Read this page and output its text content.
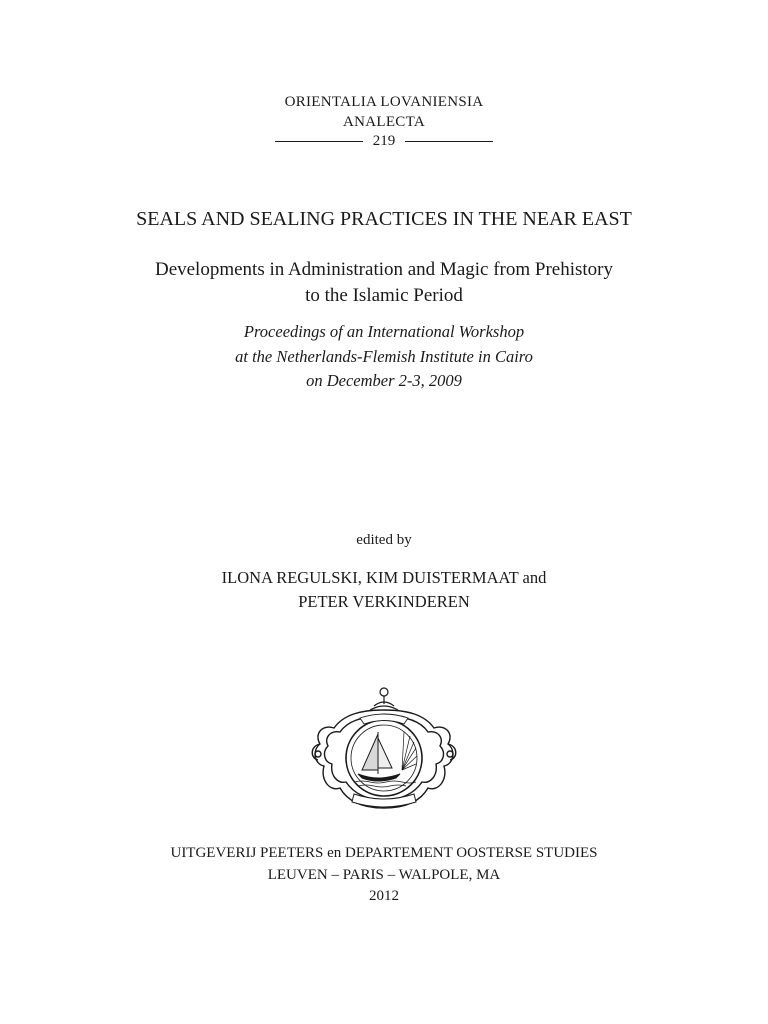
ORIENTALIA LOVANIENSIA
ANALECTA
219
SEALS AND SEALING PRACTICES IN THE NEAR EAST
Developments in Administration and Magic from Prehistory
to the Islamic Period
Proceedings of an International Workshop
at the Netherlands-Flemish Institute in Cairo
on December 2-3, 2009
edited by
ILONA REGULSKI, KIM DUISTERMAAT and
PETER VERKINDEREN
UITGEVERIJ PEETERS en DEPARTEMENT OOSTERSE STUDIES
LEUVEN – PARIS – WALPOLE, MA
2012
